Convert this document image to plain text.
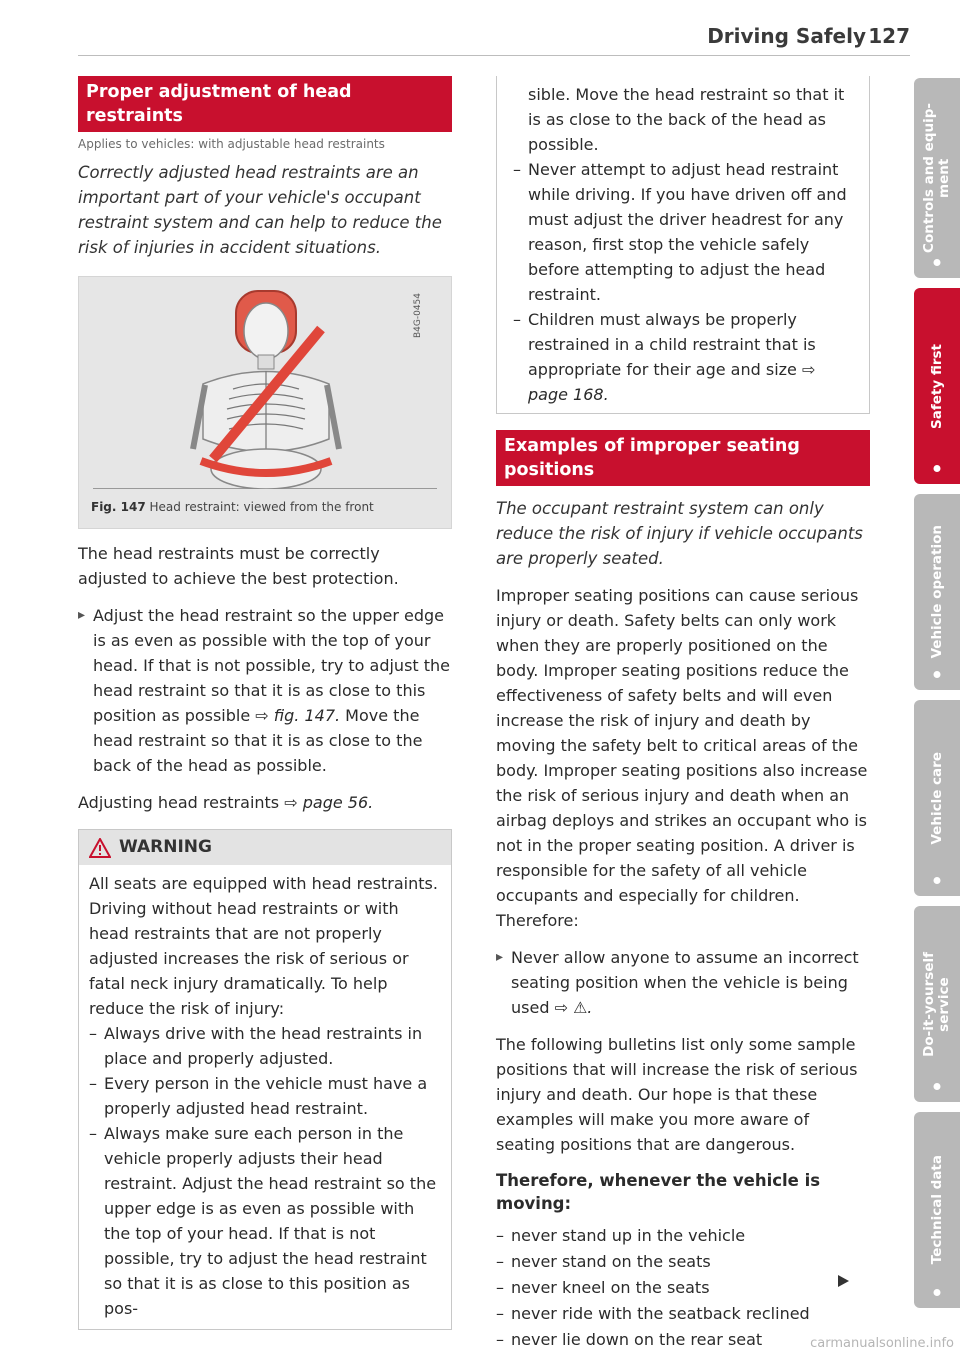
Driving Safely 127
Proper adjustment of head restraints
Applies to vehicles: with adjustable head restraints
Correctly adjusted head restraints are an important part of your vehicle's occupant restraint system and can help to reduce the risk of injuries in accident situations.
B4G-0454
Fig. 147 Head restraint: viewed from the front

The head restraints must be correctly adjusted to achieve the best protection.

▸ Adjust the head restraint so the upper edge is as even as possible with the top of your head. If that is not possible, try to adjust the head restraint so that it is as close to this position as possible ⇨ fig. 147. Move the head restraint so that it is as close to the back of the head as possible.

Adjusting head restraints ⇨ page 56.

WARNING
All seats are equipped with head restraints. Driving without head restraints or with head restraints that are not properly adjusted increases the risk of serious or fatal neck injury dramatically. To help reduce the risk of injury:
– Always drive with the head restraints in place and properly adjusted.
– Every person in the vehicle must have a properly adjusted head restraint.
– Always make sure each person in the vehicle properly adjusts their head restraint. Adjust the head restraint so the upper edge is as even as possible with the top of your head. If that is not possible, try to adjust the head restraint so that it is as close to this position as pos-
sible. Move the head restraint so that it is as close to the back of the head as possible.
– Never attempt to adjust head restraint while driving. If you have driven off and must adjust the driver headrest for any reason, first stop the vehicle safely before attempting to adjust the head restraint.
– Children must always be properly restrained in a child restraint that is appropriate for their age and size ⇨ page 168.
Examples of improper seating positions
The occupant restraint system can only reduce the risk of injury if vehicle occupants are properly seated.

Improper seating positions can cause serious injury or death. Safety belts can only work when they are properly positioned on the body. Improper seating positions reduce the effectiveness of safety belts and will even increase the risk of injury and death by moving the safety belt to critical areas of the body. Improper seating positions also increase the risk of serious injury and death when an airbag deploys and strikes an occupant who is not in the proper seating position. A driver is responsible for the safety of all vehicle occupants and especially for children. Therefore:

▸ Never allow anyone to assume an incorrect seating position when the vehicle is being used ⇨ ⚠.

The following bulletins list only some sample positions that will increase the risk of serious injury and death. Our hope is that these examples will make you more aware of seating positions that are dangerous.

Therefore, whenever the vehicle is moving:
– never stand up in the vehicle
– never stand on the seats
– never kneel on the seats
– never ride with the seatback reclined
– never lie down on the rear seat
Controls and equip-
ment
Safety first
Vehicle operation
Vehicle care
Do-it-yourself
service
Technical data
carmanualsonline.info
